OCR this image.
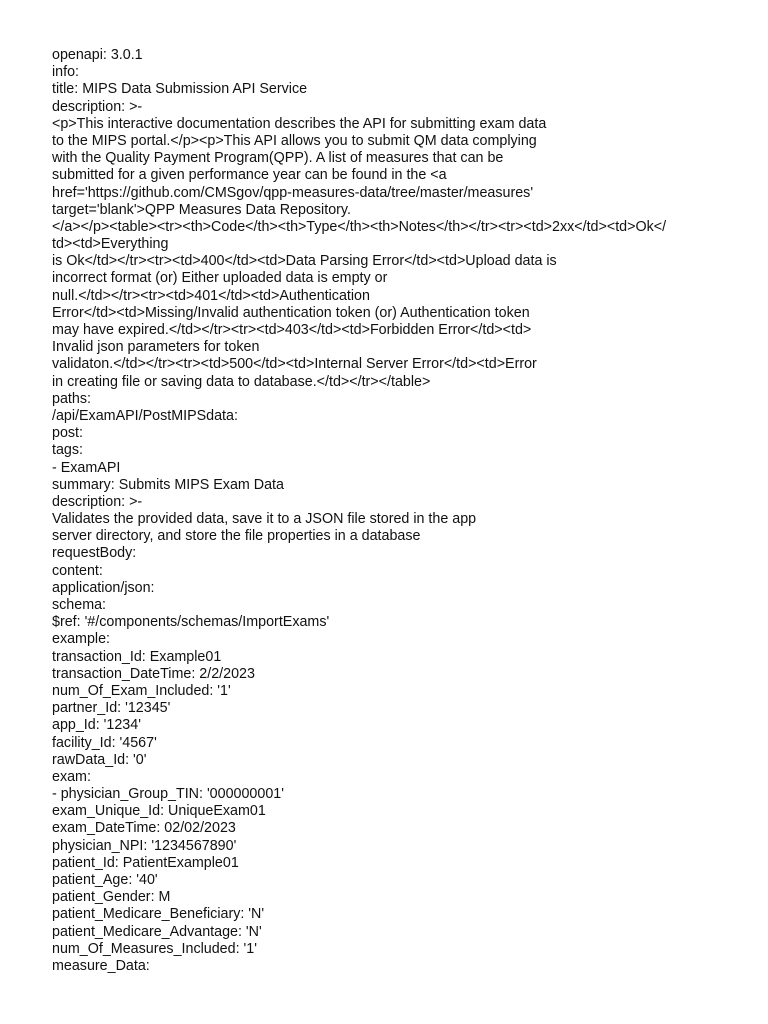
openapi: 3.0.1
info:
title: MIPS Data Submission API Service
description: >-
<p>This interactive documentation describes the API for submitting exam data
to the MIPS portal.</p><p>This API allows you to submit QM data complying
with the Quality Payment Program(QPP). A list of measures that can be
submitted for a given performance year can be found in the <a
href='https://github.com/CMSgov/qpp-measures-data/tree/master/measures'
target='blank'>QPP Measures Data Repository.
</a></p><table><tr><th>Code</th><th>Type</th><th>Notes</th></tr><tr><td>2xx</td><td>Ok</
td><td>Everything
is Ok</td></tr><tr><td>400</td><td>Data Parsing Error</td><td>Upload data is
incorrect format (or) Either uploaded data is empty or
null.</td></tr><tr><td>401</td><td>Authentication
Error</td><td>Missing/Invalid authentication token (or) Authentication token
may have expired.</td></tr><tr><td>403</td><td>Forbidden Error</td><td>
Invalid json parameters for token
validaton.</td></tr><tr><td>500</td><td>Internal Server Error</td><td>Error
in creating file or saving data to database.</td></tr></table>
paths:
/api/ExamAPI/PostMIPSdata:
post:
tags:
- ExamAPI
summary: Submits MIPS Exam Data
description: >-
Validates the provided data, save it to a JSON file stored in the app
server directory, and store the file properties in a database
requestBody:
content:
application/json:
schema:
$ref: '#/components/schemas/ImportExams'
example:
transaction_Id: Example01
transaction_DateTime: 2/2/2023
num_Of_Exam_Included: '1'
partner_Id: '12345'
app_Id: '1234'
facility_Id: '4567'
rawData_Id: '0'
exam:
- physician_Group_TIN: '000000001'
exam_Unique_Id: UniqueExam01
exam_DateTime: 02/02/2023
physician_NPI: '1234567890'
patient_Id: PatientExample01
patient_Age: '40'
patient_Gender: M
patient_Medicare_Beneficiary: 'N'
patient_Medicare_Advantage: 'N'
num_Of_Measures_Included: '1'
measure_Data:
